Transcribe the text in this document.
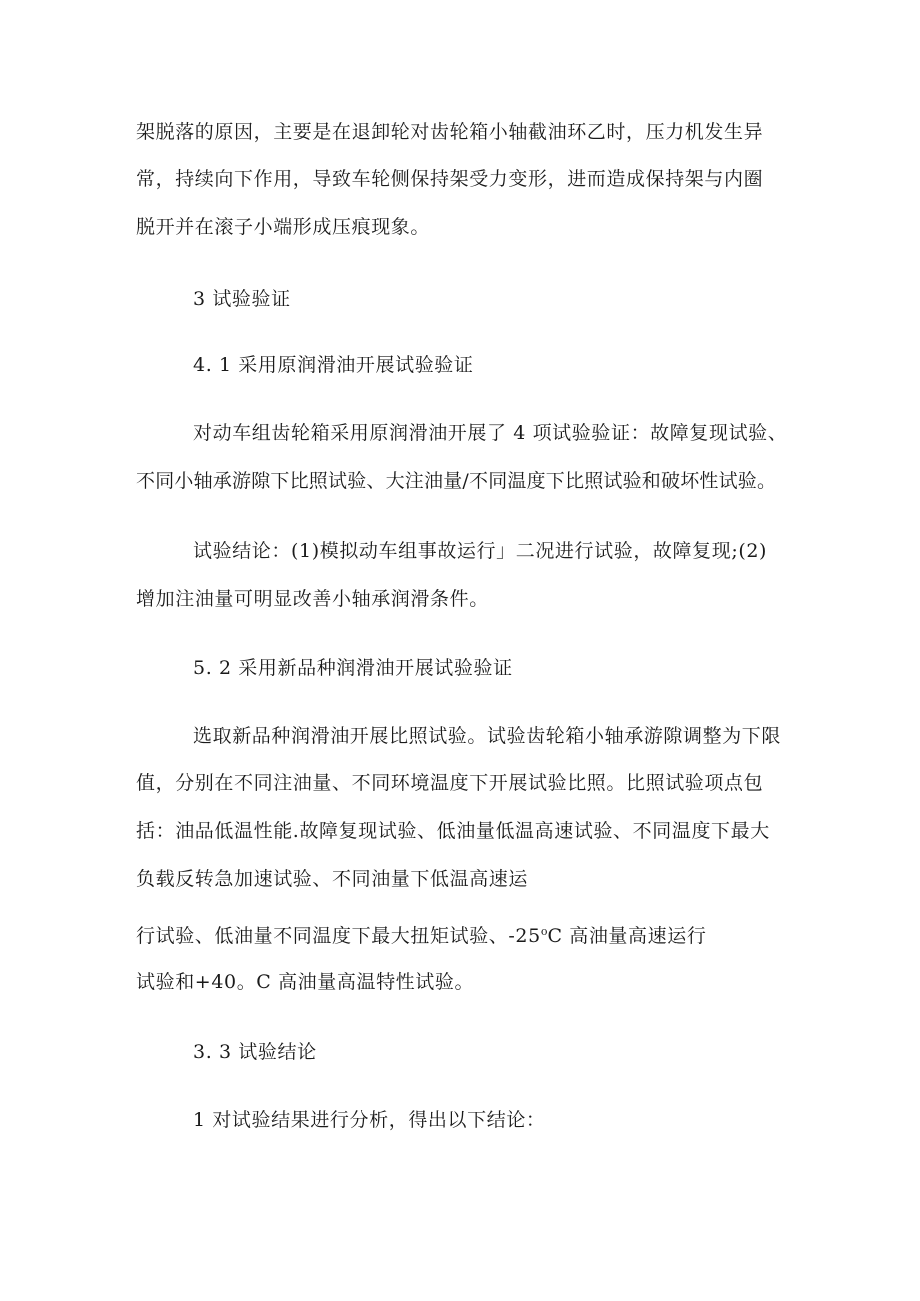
架脱落的原因，主要是在退卸轮对齿轮箱小轴截油环乙时，压力机发生异
常，持续向下作用，导致车轮侧保持架受力变形，进而造成保持架与内圈
脱开并在滚子小端形成压痕现象。
3 试验验证
4. 1 采用原润滑油开展试验验证
对动车组齿轮箱采用原润滑油开展了 4 项试验验证：故障复现试验、
不同小轴承游隙下比照试验、大注油量/不同温度下比照试验和破坏性试验。
试验结论：(1)模拟动车组事故运行」二况进行试验，故障复现;(2)
增加注油量可明显改善小轴承润滑条件。
5. 2 采用新品种润滑油开展试验验证
选取新品种润滑油开展比照试验。试验齿轮箱小轴承游隙调整为下限
值，分别在不同注油量、不同环境温度下开展试验比照。比照试验项点包
括：油品低温性能.故障复现试验、低油量低温高速试验、不同温度下最大
负载反转急加速试验、不同油量下低温高速运
行试验、低油量不同温度下最大扭矩试验、-25$^o$C 高油量高速运行
试验和+40。C 高油量高温特性试验。
3. 3 试验结论
1 对试验结果进行分析，得出以下结论：
